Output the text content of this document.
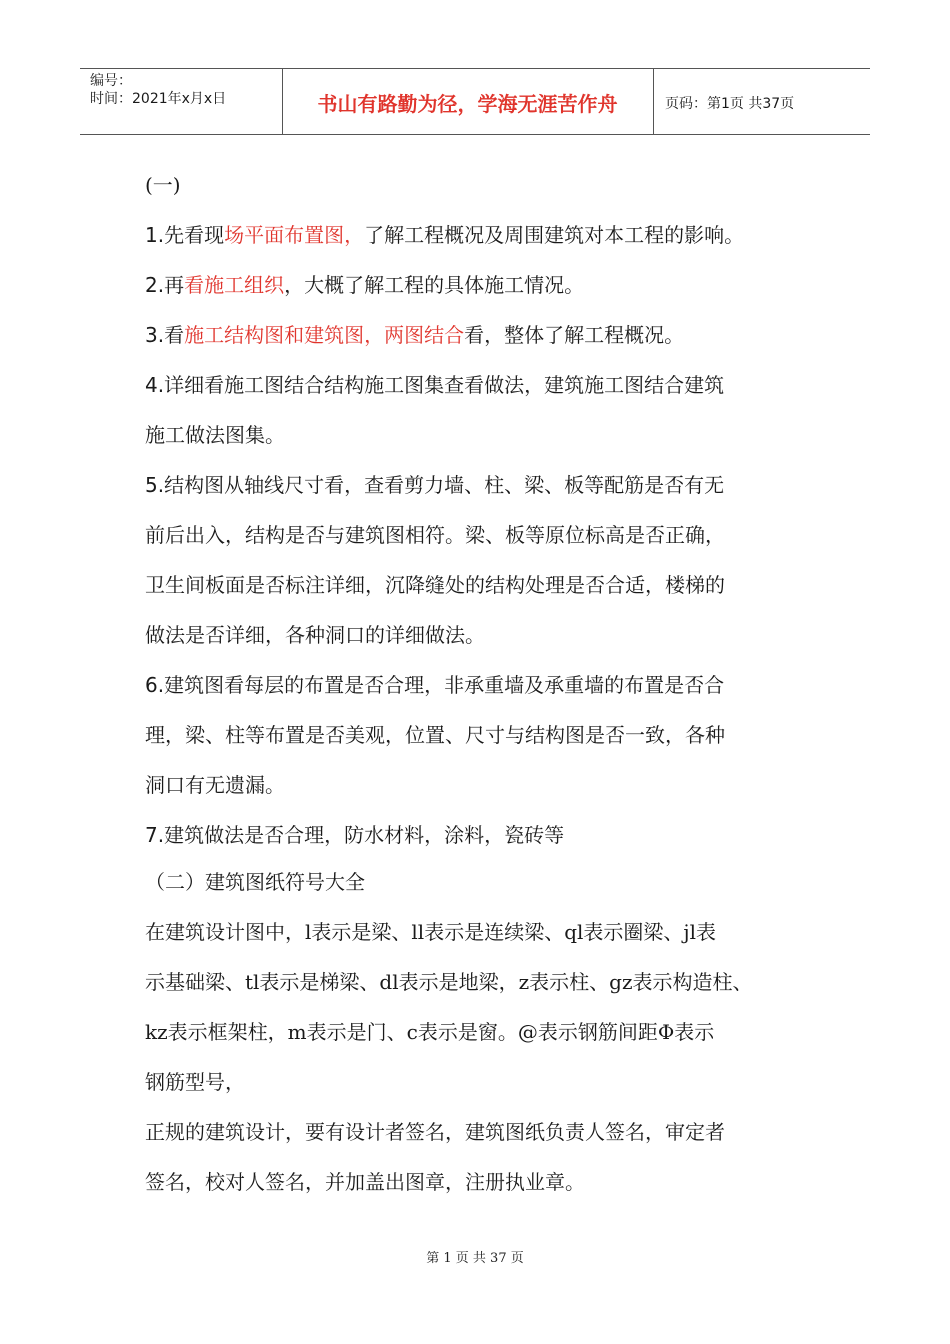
编号：
时间：2021年x月x日	书山有路勤为径，学海无涯苦作舟	页码：第1页 共37页
(一)
1.先看现场平面布置图，了解工程概况及周围建筑对本工程的影响。
2.再看施工组织，大概了解工程的具体施工情况。
3.看施工结构图和建筑图，两图结合看，整体了解工程概况。
4.详细看施工图结合结构施工图集查看做法，建筑施工图结合建筑
施工做法图集。
5.结构图从轴线尺寸看，查看剪力墙、柱、梁、板等配筋是否有无
前后出入，结构是否与建筑图相符。梁、板等原位标高是否正确，
卫生间板面是否标注详细，沉降缝处的结构处理是否合适，楼梯的
做法是否详细，各种洞口的详细做法。
6.建筑图看每层的布置是否合理，非承重墙及承重墙的布置是否合
理，梁、柱等布置是否美观，位置、尺寸与结构图是否一致，各种
洞口有无遗漏。
7.建筑做法是否合理，防水材料，涂料，瓷砖等
（二）建筑图纸符号大全
在建筑设计图中，l表示是梁、ll表示是连续梁、ql表示圈梁、jl表
示基础梁、tl表示是梯梁、dl表示是地梁，z表示柱、gz表示构造柱、
kz表示框架柱，m表示是门、c表示是窗。@表示钢筋间距Φ表示
钢筋型号，
正规的建筑设计，要有设计者签名，建筑图纸负责人签名，审定者
签名，校对人签名，并加盖出图章，注册执业章。
第 1 页 共 37 页
